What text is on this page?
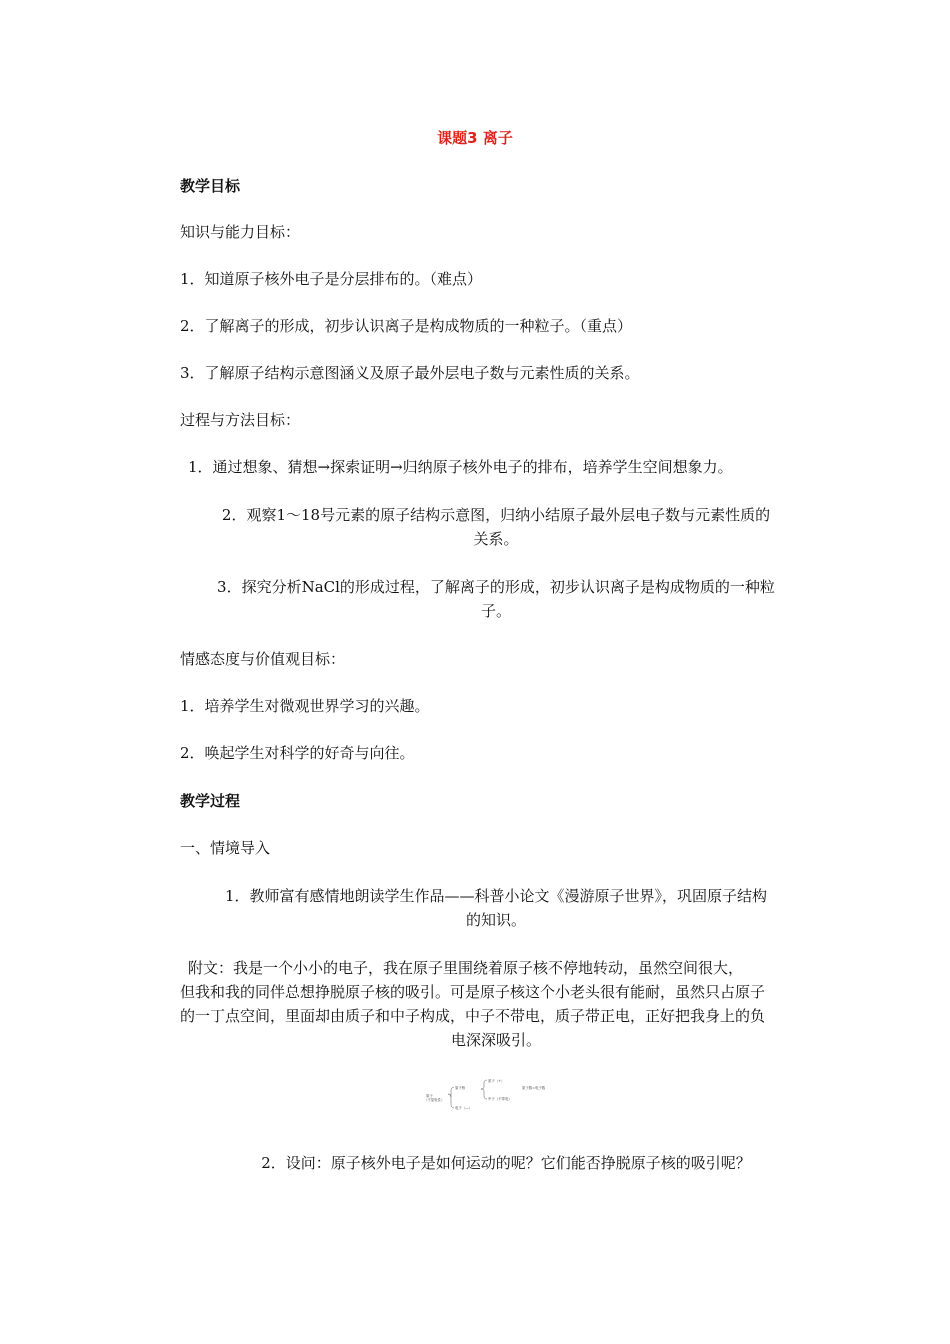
课题3 离子
教学目标
知识与能力目标：
1．知道原子核外电子是分层排布的。（难点）
2．了解离子的形成，初步认识离子是构成物质的一种粒子。（重点）
3．了解原子结构示意图涵义及原子最外层电子数与元素性质的关系。
过程与方法目标：
1．通过想象、猜想→探索证明→归纳原子核外电子的排布，培养学生空间想象力。
2．观察1～18号元素的原子结构示意图，归纳小结原子最外层电子数与元素性质的
关系。
3．探究分析NaCl的形成过程，了解离子的形成，初步认识离子是构成物质的一种粒
子。
情感态度与价值观目标：
1．培养学生对微观世界学习的兴趣。
2．唤起学生对科学的好奇与向往。
教学过程
一、情境导入
1．教师富有感情地朗读学生作品——科普小论文《漫游原子世界》，巩固原子结构
的知识。
附文：我是一个小小的电子，我在原子里围绕着原子核不停地转动，虽然空间很大，
但我和我的同伴总想挣脱原子核的吸引。可是原子核这个小老头很有能耐，虽然只占原子
的一丁点空间，里面却由质子和中子构成，中子不带电，质子带正电，正好把我身上的负
电深深吸引。
原子
（不显电性）
原子核
电子（—）
质子（+）
中子（不带电）
质子数=电子数
2．设问：原子核外电子是如何运动的呢？它们能否挣脱原子核的吸引呢？
